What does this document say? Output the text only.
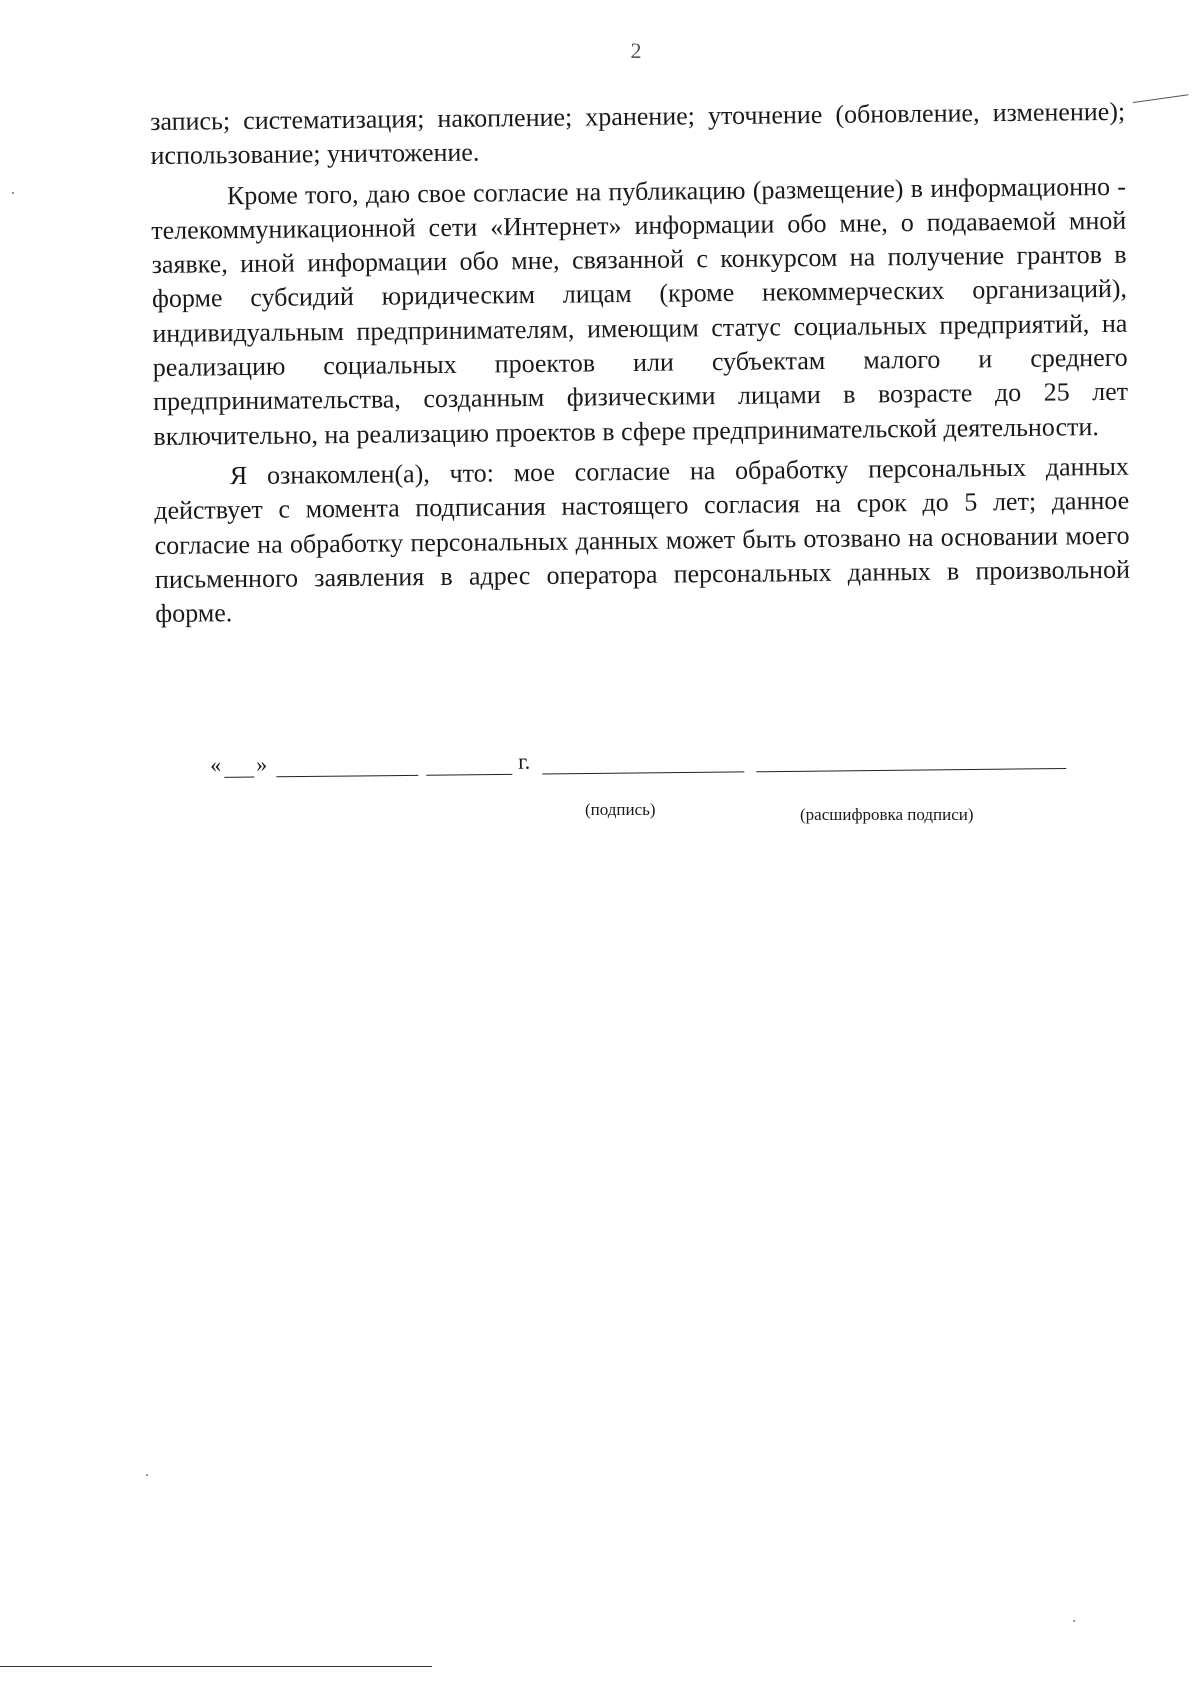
2

запись; систематизация; накопление; хранение; уточнение (обновление, изменение); использование; уничтожение.

Кроме того, даю свое согласие на публикацию (размещение) в информационно - телекоммуникационной сети «Интернет» информации обо мне, о подаваемой мной заявке, иной информации обо мне, связанной с конкурсом на получение грантов в форме субсидий юридическим лицам (кроме некоммерческих организаций), индивидуальным предпринимателям, имеющим статус социальных предприятий, на реализацию социальных проектов или субъектам малого и среднего предпринимательства, созданным физическими лицами в возрасте до 25 лет включительно, на реализацию проектов в сфере предпринимательской деятельности.

Я ознакомлен(а), что: мое согласие на обработку персональных данных действует с момента подписания настоящего согласия на срок до 5 лет; данное согласие на обработку персональных данных может быть отозвано на основании моего письменного заявления в адрес оператора персональных данных в произвольной форме.

« »	г.
(подпись)	(расшифровка подписи)
